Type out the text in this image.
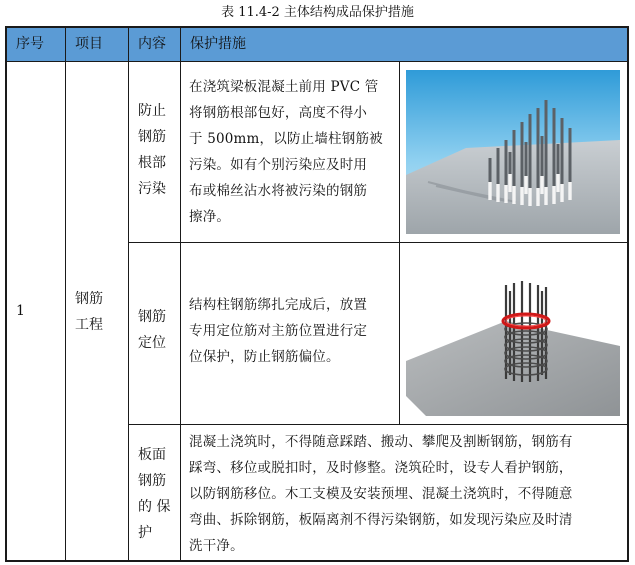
表 11.4-2 主体结构成品保护措施
序号 项目	内容 保护措施
1
钢筋
工程
防止
钢筋
根部
污染
在浇筑梁板混凝土前用 PVC 管
将钢筋根部包好，高度不得小
于 500mm，以防止墙柱钢筋被
污染。如有个别污染应及时用
布或棉丝沾水将被污染的钢筋
擦净。
钢筋
定位
结构柱钢筋绑扎完成后，放置
专用定位筋对主筋位置进行定
位保护，防止钢筋偏位。
板面
钢筋
的 保
护
混凝土浇筑时，不得随意踩踏、搬动、攀爬及割断钢筋，钢筋有
踩弯、移位或脱扣时，及时修整。浇筑砼时，设专人看护钢筋，
以防钢筋移位。木工支模及安装预埋、混凝土浇筑时，不得随意
弯曲、拆除钢筋，板隔离剂不得污染钢筋，如发现污染应及时清
洗干净。
